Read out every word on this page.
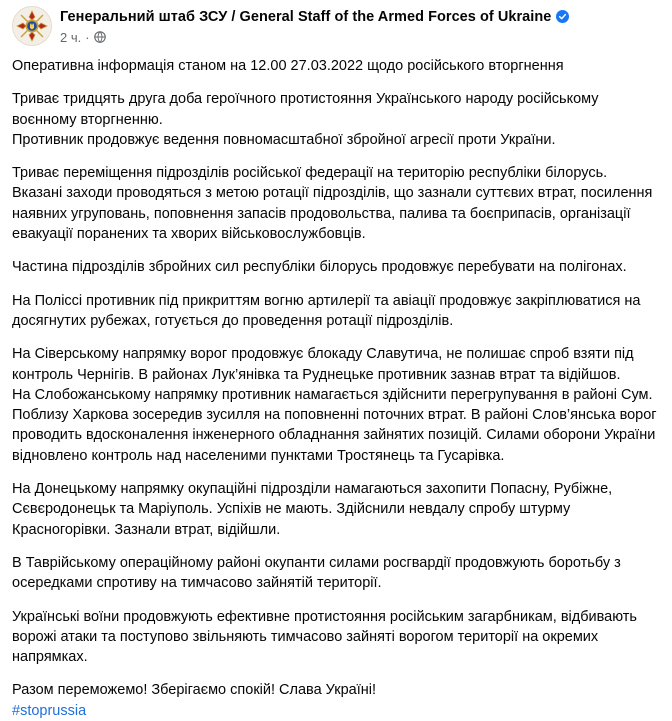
Генеральний штаб ЗСУ / General Staff of the Armed Forces of Ukraine
2 ч. ·

Оперативна інформація станом на 12.00 27.03.2022 щодо російського вторгнення

Триває тридцять друга доба героїчного протистояння Українського народу російському воєнному вторгненню.

Противник продовжує ведення повномасштабної збройної агресії проти України.

Триває переміщення підрозділів російської федерації на територію республіки білорусь. Вказані заходи проводяться з метою ротації підрозділів, що зазнали суттєвих втрат, посилення наявних угруповань, поповнення запасів продовольства, палива та боєприпасів, організації евакуації поранених та хворих військовослужбовців.

Частина підрозділів збройних сил республіки білорусь продовжує перебувати на полігонах.

На Поліссі противник під прикриттям вогню артилерії та авіації продовжує закріплюватися на досягнутих рубежах, готується до проведення ротації підрозділів.

На Сіверському напрямку ворог продовжує блокаду Славутича, не полишає спроб взяти під контроль Чернігів. В районах Лук’янівка та Руднецьке противник зазнав втрат та відійшов.

На Слобожанському напрямку противник намагається здійснити перегрупування в районі Сум. Поблизу Харкова зосередив зусилля на поповненні поточних втрат. В районі Слов’янська ворог проводить вдосконалення інженерного обладнання зайнятих позицій. Силами оборони України відновлено контроль над населеними пунктами Тростянець та Гусарівка.

На Донецькому напрямку окупаційні підрозділи намагаються захопити Попасну, Рубіжне, Сєвєродонецьк та Маріуполь. Успіхів не мають. Здійснили невдалу спробу штурму Красногорівки. Зазнали втрат, відійшли.

В Таврійському операційному районі окупанти силами росгвардії продовжують боротьбу з осередками спротиву на тимчасово зайнятій території.

Українські воїни продовжують ефективне протистояння російським загарбникам, відбивають ворожі атаки та поступово звільняють тимчасово зайняті ворогом території на окремих напрямках.

Разом переможемо! Зберігаємо спокій! Слава Україні!

#stoprussia
